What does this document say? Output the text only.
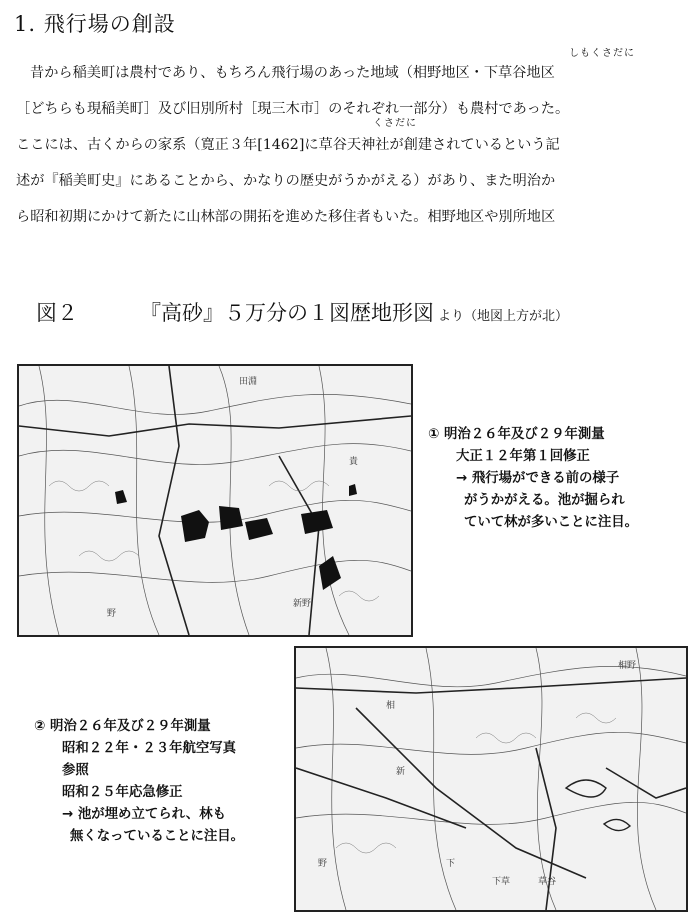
1. 飛行場の創設
しもくさだに
くさだに
昔から稲美町は農村であり、もちろん飛行場のあった地域（相野地区・下草谷地区
［どちらも現稲美町］及び旧別所村［現三木市］のそれぞれ一部分）も農村であった。
ここには、古くからの家系（寛正３年[1462]に草谷天神社が創建されているという記
述が『稲美町史』にあることから、かなりの歴史がうかがえる）があり、また明治か
ら昭和初期にかけて新たに山林部の開拓を進めた移住者もいた。相野地区や別所地区
図２	『高砂』５万分の１図歴地形図 より（地図上方が北）
田淵
野
新野
貴
① 明治２６年及び２９年測量
大正１２年第１回修正
→ 飛行場ができる前の様子
がうかがえる。池が掘られ
ていて林が多いことに注目。
相
新
野	下
下草	草谷
相野
② 明治２６年及び２９年測量
昭和２２年・２３年航空写真
参照
昭和２５年応急修正
→ 池が埋め立てられ、林も
無くなっていることに注目。
